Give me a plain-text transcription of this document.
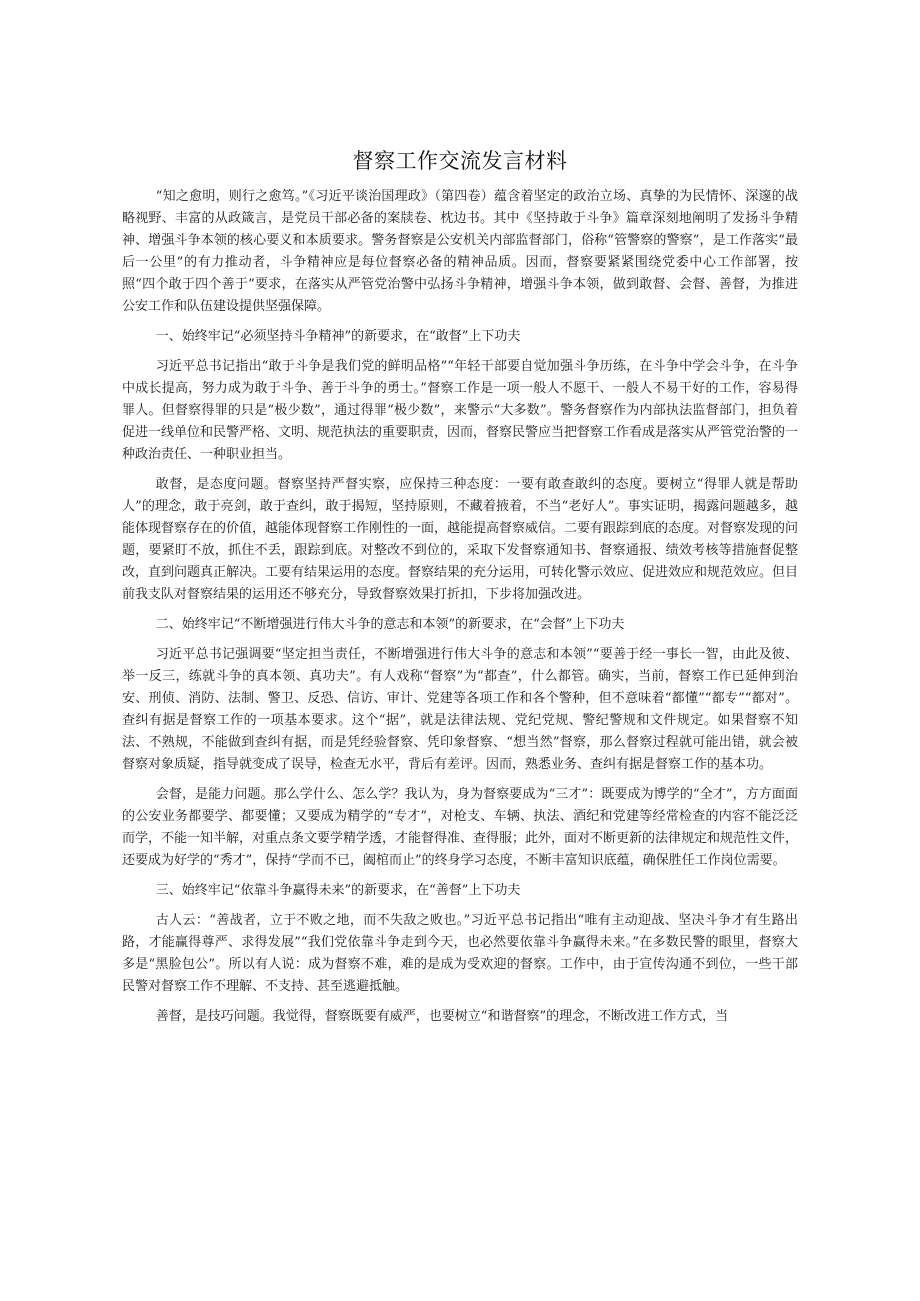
督察工作交流发言材料

“知之愈明，则行之愈笃。”《习近平谈治国理政》（第四卷）蕴含着坚定的政治立场、真挚的为民情怀、深邃的战略视野、丰富的从政箴言，是党员干部必备的案牍卷、枕边书。其中《坚持敢于斗争》篇章深刻地阐明了发扬斗争精神、增强斗争本领的核心要义和本质要求。警务督察是公安机关内部监督部门，俗称“管警察的警察”，是工作落实“最后一公里”的有力推动者，斗争精神应是每位督察必备的精神品质。因而，督察要紧紧围绕党委中心工作部署，按照“四个敢于四个善于”要求，在落实从严管党治警中弘扬斗争精神，增强斗争本领，做到敢督、会督、善督，为推进公安工作和队伍建设提供坚强保障。

一、始终牢记“必须坚持斗争精神”的新要求，在“敢督”上下功夫

习近平总书记指出“敢于斗争是我们党的鲜明品格”“年轻干部要自觉加强斗争历练，在斗争中学会斗争，在斗争中成长提高，努力成为敢于斗争、善于斗争的勇士。”督察工作是一项一般人不愿干、一般人不易干好的工作，容易得罪人。但督察得罪的只是“极少数”，通过得罪“极少数”，来警示“大多数”。警务督察作为内部执法监督部门，担负着促进一线单位和民警严格、文明、规范执法的重要职责，因而，督察民警应当把督察工作看成是落实从严管党治警的一种政治责任、一种职业担当。

敢督，是态度问题。督察坚持严督实察，应保持三种态度：一要有敢查敢纠的态度。要树立“得罪人就是帮助人”的理念，敢于亮剑，敢于查纠，敢于揭短，坚持原则，不藏着掖着，不当“老好人”。事实证明，揭露问题越多，越能体现督察存在的价值，越能体现督察工作刚性的一面，越能提高督察威信。二要有跟踪到底的态度。对督察发现的问题，要紧盯不放，抓住不丢，跟踪到底。对整改不到位的，采取下发督察通知书、督察通报、绩效考核等措施督促整改，直到问题真正解决。工要有结果运用的态度。督察结果的充分运用，可转化警示效应、促进效应和规范效应。但目前我支队对督察结果的运用还不够充分，导致督察效果打折扣，下步将加强改进。

二、始终牢记“不断增强进行伟大斗争的意志和本领”的新要求，在“会督”上下功夫

习近平总书记强调要“坚定担当责任，不断增强进行伟大斗争的意志和本领”“要善于经一事长一智，由此及彼、举一反三，练就斗争的真本领、真功夫”。有人戏称“督察”为“都查”，什么都管。确实，当前，督察工作已延伸到治安、刑侦、消防、法制、警卫、反恐、信访、审计、党建等各项工作和各个警种，但不意味着“都懂”“都专”“都对”。查纠有据是督察工作的一项基本要求。这个“据”，就是法律法规、党纪党规、警纪警规和文件规定。如果督察不知法、不熟规，不能做到查纠有据，而是凭经验督察、凭印象督察、“想当然”督察，那么督察过程就可能出错，就会被督察对象质疑，指导就变成了误导，检查无水平，背后有差评。因而，熟悉业务、查纠有据是督察工作的基本功。

会督，是能力问题。那么学什么、怎么学？我认为，身为督察要成为“三才”：既要成为博学的“全才”，方方面面的公安业务都要学、都要懂；又要成为精学的“专才”，对枪支、车辆、执法、酒纪和党建等经常检查的内容不能泛泛而学，不能一知半解，对重点条文要学精学透，才能督得准、查得服；此外，面对不断更新的法律规定和规范性文件，还要成为好学的“秀才”，保持“学而不已，阖棺而止”的终身学习态度，不断丰富知识底蕴，确保胜任工作岗位需要。

三、始终牢记“依靠斗争赢得未来”的新要求，在“善督”上下功夫

古人云：“善战者，立于不败之地，而不失敌之败也。”习近平总书记指出“唯有主动迎战、坚决斗争才有生路出路，才能赢得尊严、求得发展”“我们党依靠斗争走到今天，也必然要依靠斗争赢得未来。”在多数民警的眼里，督察大多是“黑脸包公”。所以有人说：成为督察不难，难的是成为受欢迎的督察。工作中，由于宣传沟通不到位，一些干部民警对督察工作不理解、不支持、甚至逃避抵触。

善督，是技巧问题。我觉得，督察既要有威严，也要树立“和谐督察”的理念，不断改进工作方式，当
